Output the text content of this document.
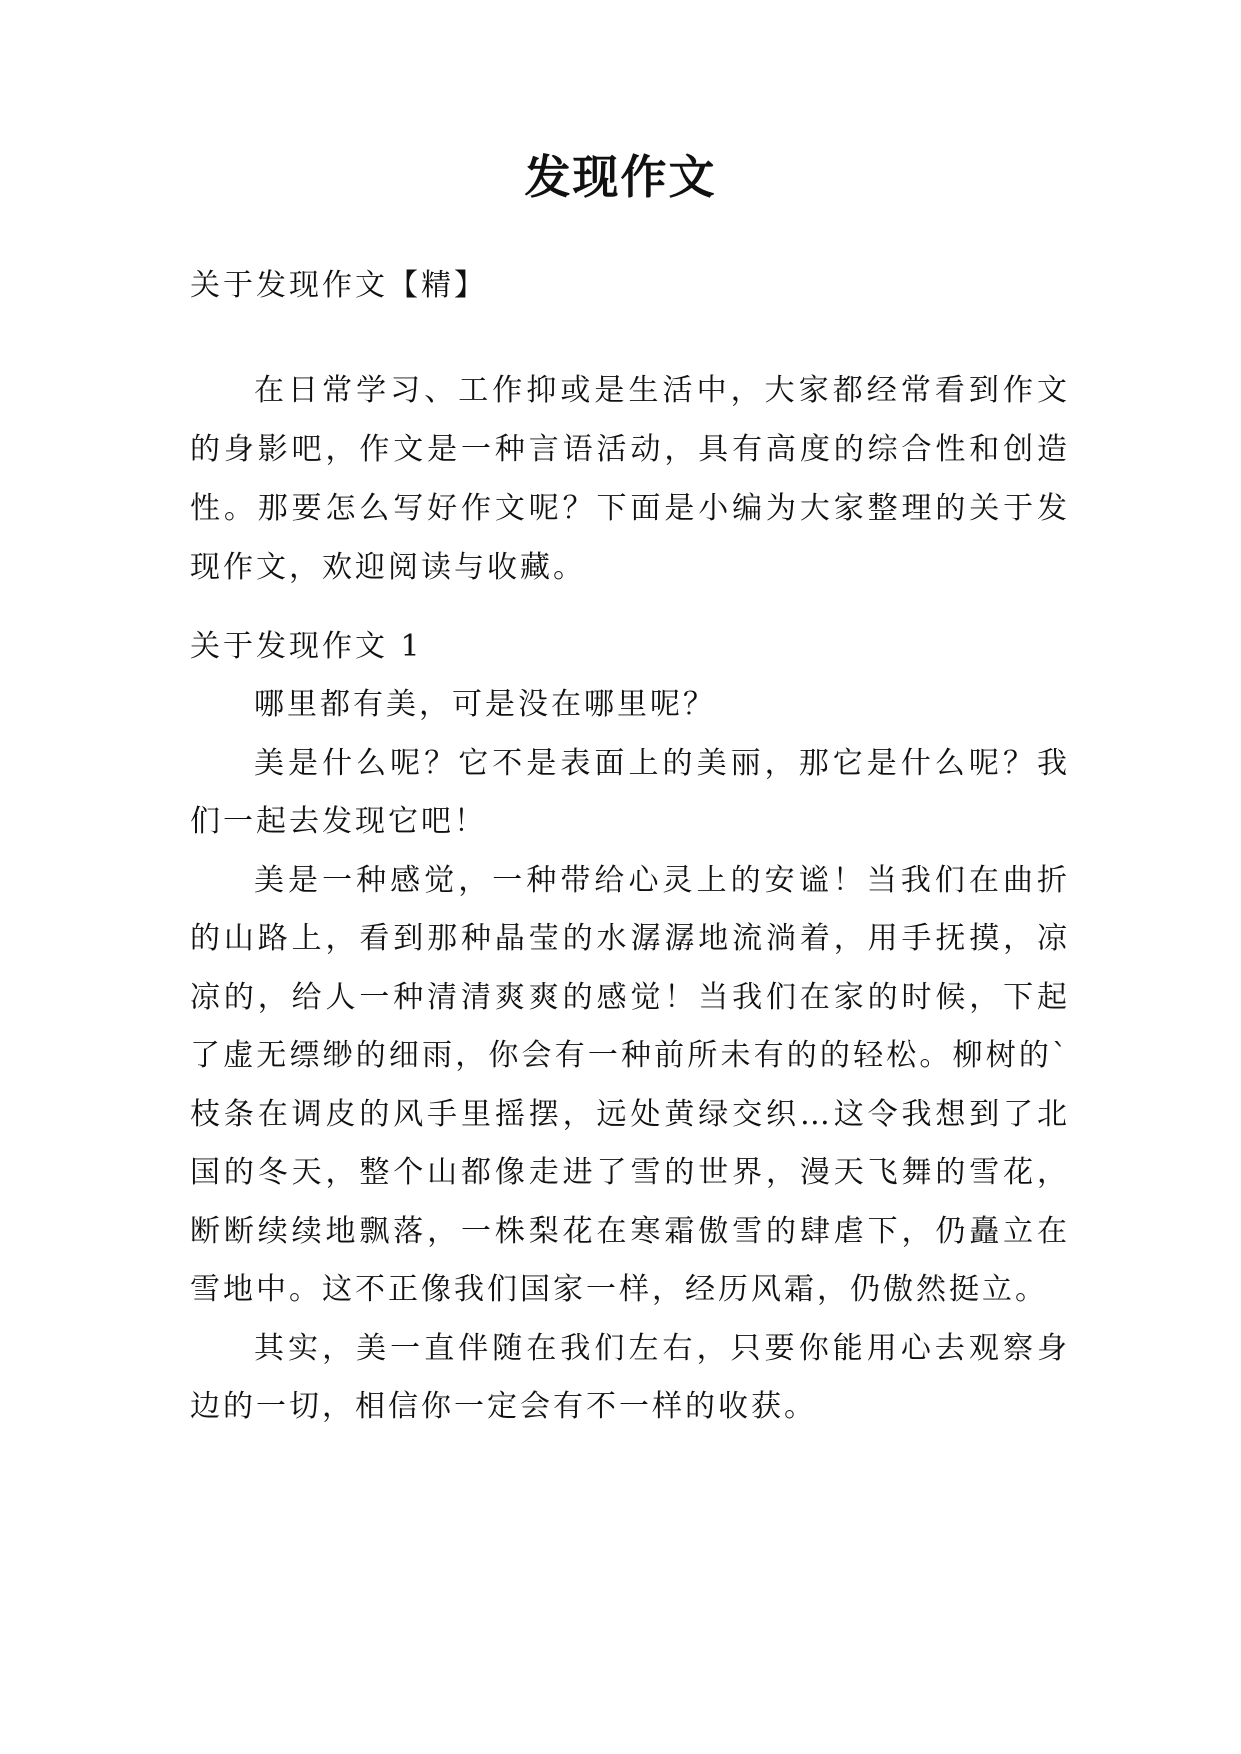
发现作文
关于发现作文【精】

在日常学习、工作抑或是生活中，大家都经常看到作文的身影吧，作文是一种言语活动，具有高度的综合性和创造性。那要怎么写好作文呢？下面是小编为大家整理的关于发现作文，欢迎阅读与收藏。

关于发现作文 1

哪里都有美，可是没在哪里呢？

美是什么呢？它不是表面上的美丽，那它是什么呢？我们一起去发现它吧！

美是一种感觉，一种带给心灵上的安谧！当我们在曲折的山路上，看到那种晶莹的水潺潺地流淌着，用手抚摸，凉凉的，给人一种清清爽爽的感觉！当我们在家的时候，下起了虚无缥缈的细雨，你会有一种前所未有的的轻松。柳树的`枝条在调皮的风手里摇摆，远处黄绿交织…这令我想到了北国的冬天，整个山都像走进了雪的世界，漫天飞舞的雪花，断断续续地飘落，一株梨花在寒霜傲雪的肆虐下，仍矗立在雪地中。这不正像我们国家一样，经历风霜，仍傲然挺立。

其实，美一直伴随在我们左右，只要你能用心去观察身边的一切，相信你一定会有不一样的收获。
